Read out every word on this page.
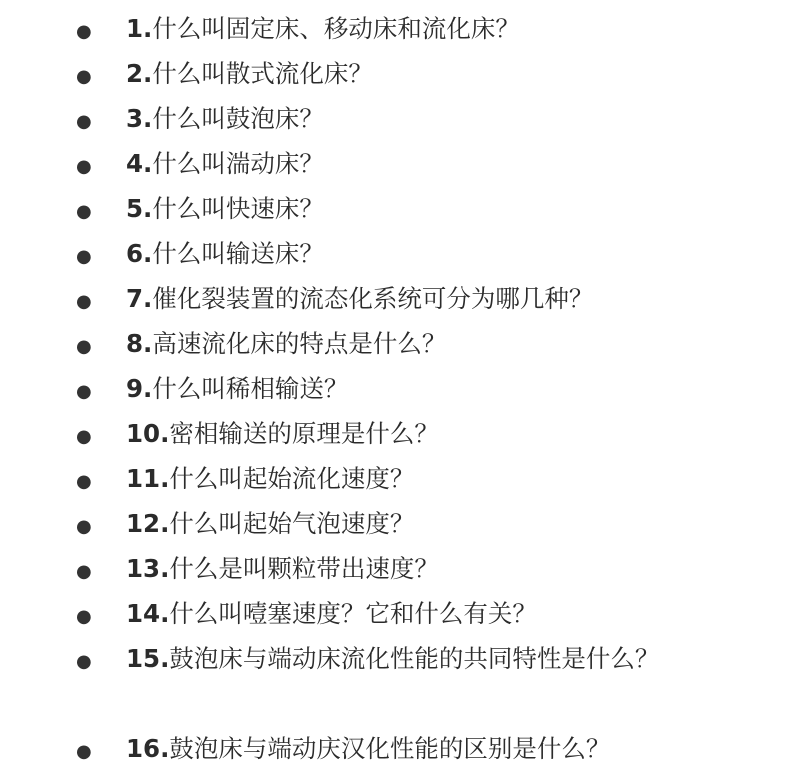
● 1.什么叫固定床、移动床和流化床？
● 2.什么叫散式流化床？
● 3.什么叫鼓泡床？
● 4.什么叫湍动床？
● 5.什么叫快速床？
● 6.什么叫输送床？
● 7.催化裂装置的流态化系统可分为哪几种？
● 8.高速流化床的特点是什么？
● 9.什么叫稀相输送？
● 10.密相输送的原理是什么？
● 11.什么叫起始流化速度？
● 12.什么叫起始气泡速度？
● 13.什么是叫颗粒带出速度？
● 14.什么叫噎塞速度？它和什么有关？
● 15.鼓泡床与端动床流化性能的共同特性是什么？
● 16.鼓泡床与端动庆汉化性能的区别是什么？
